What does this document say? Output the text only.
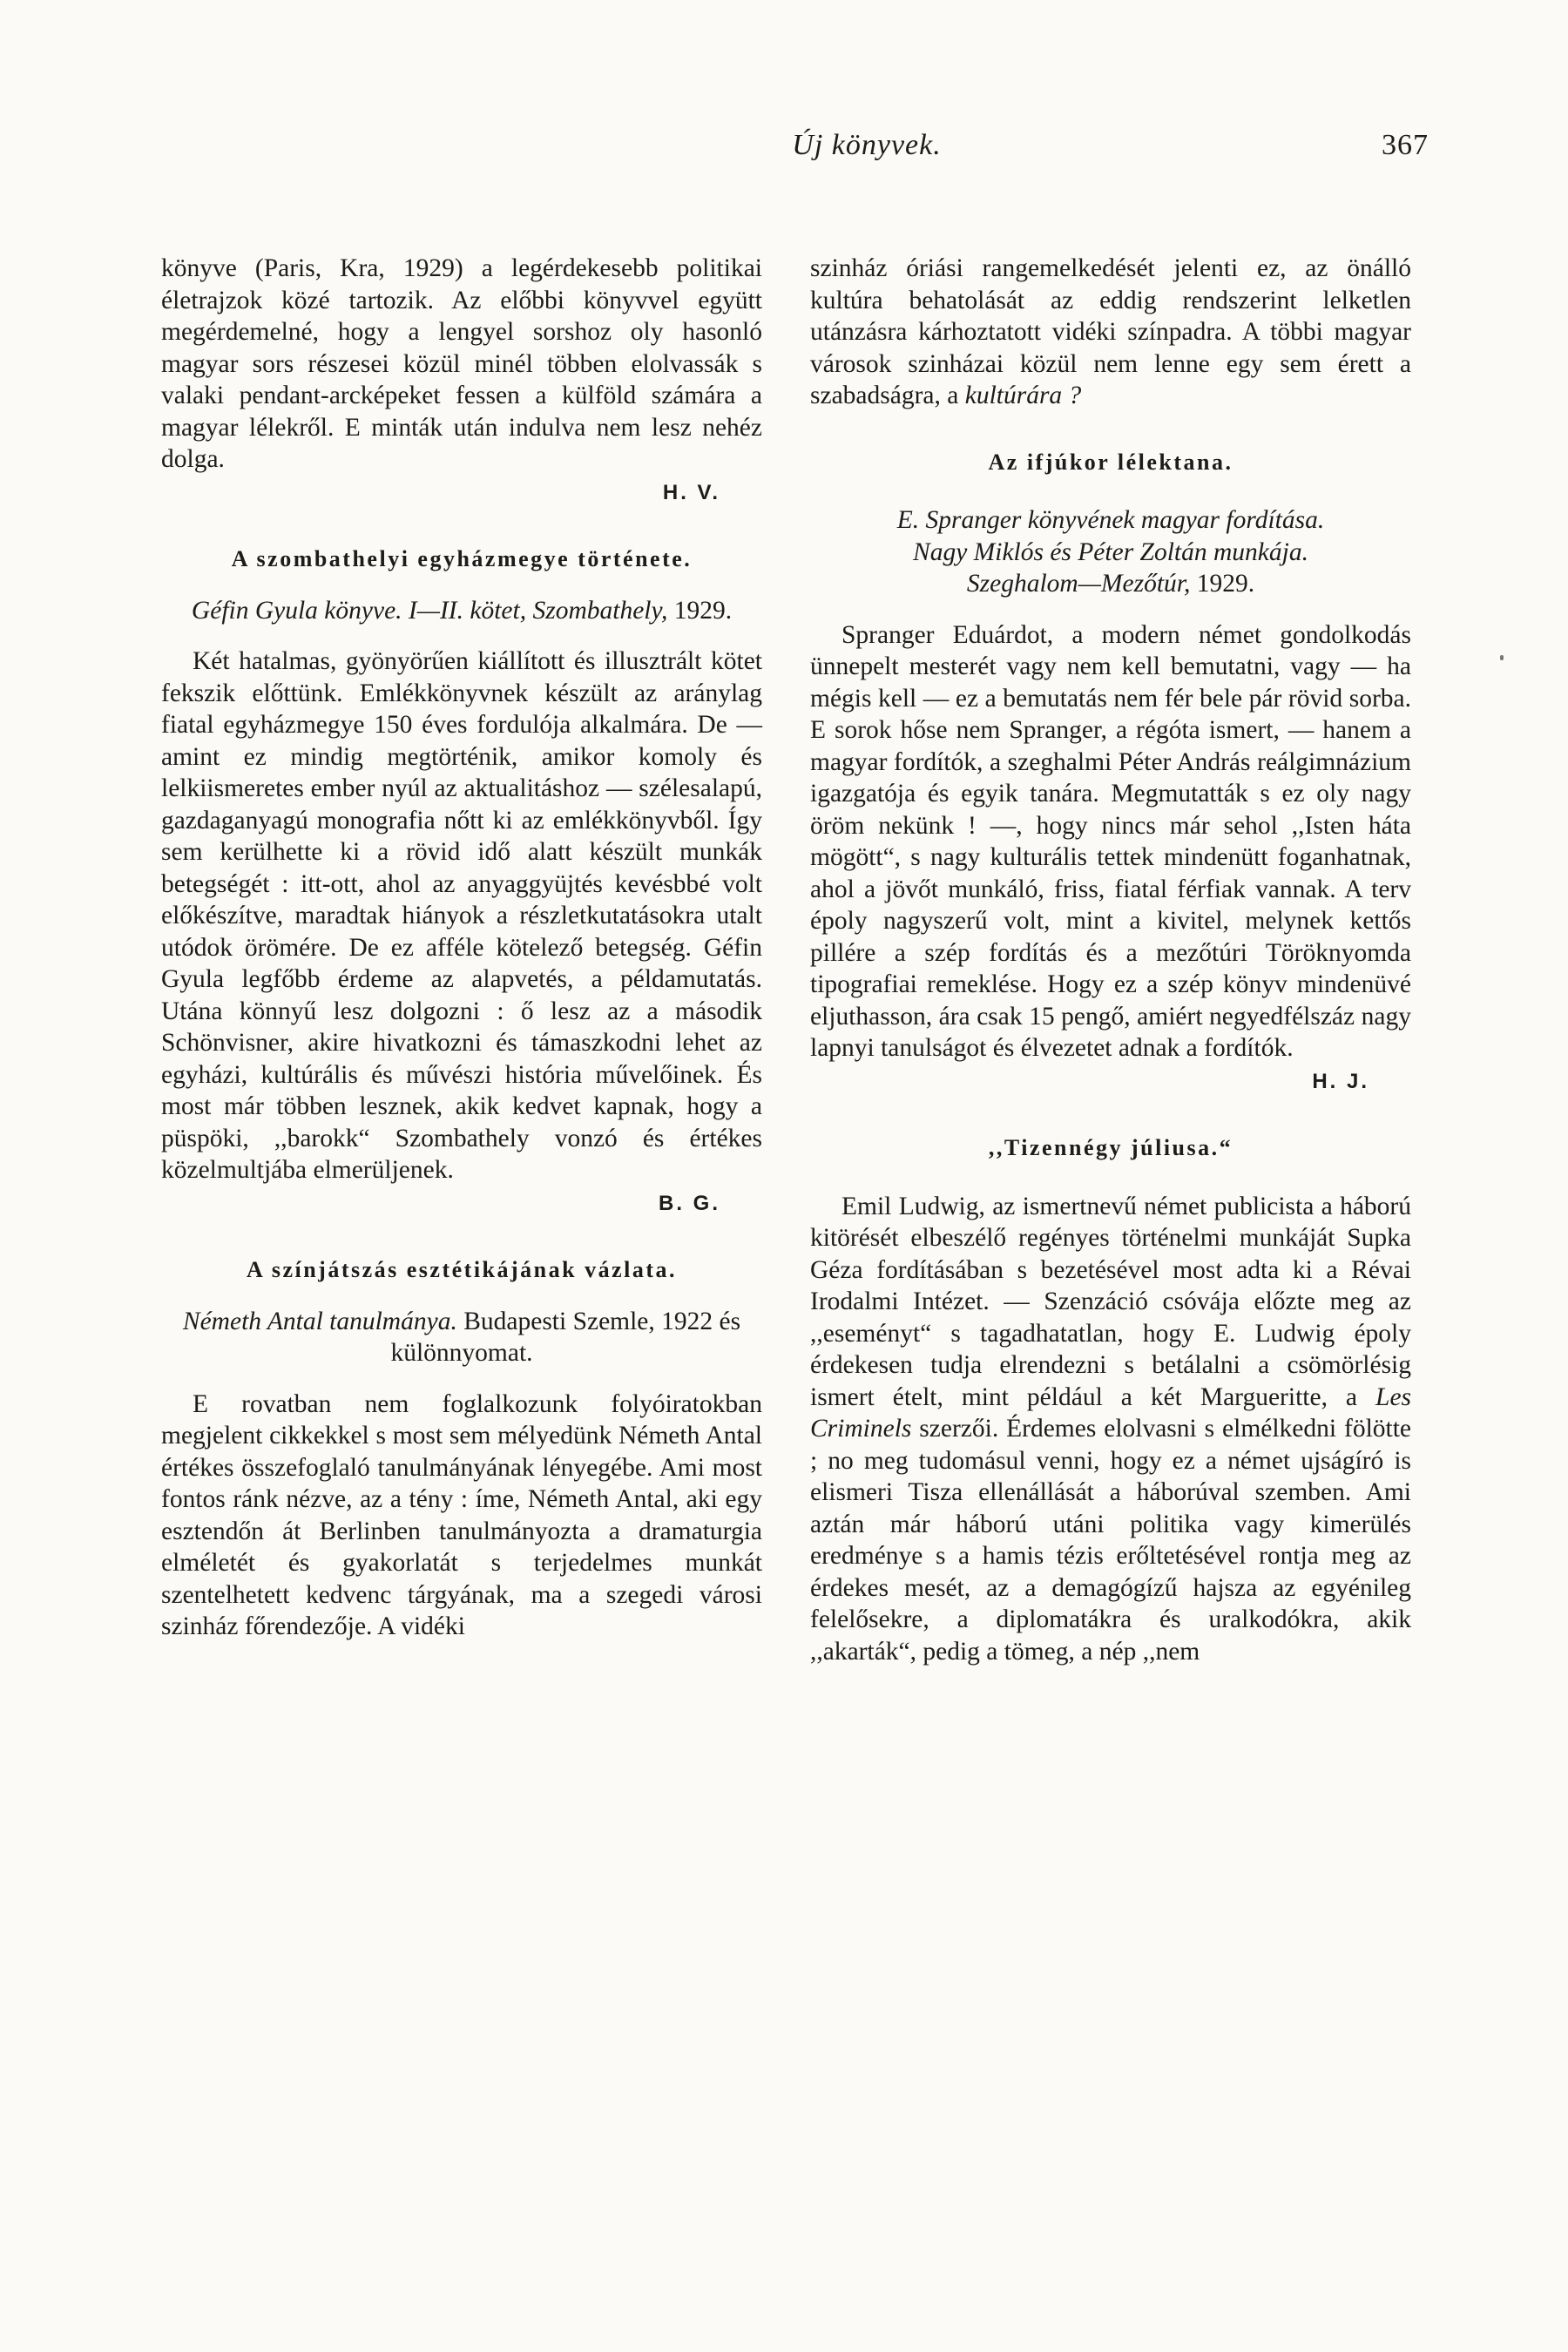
Új könyvek.	367

könyve (Paris, Kra, 1929) a legérdekesebb politikai életrajzok közé tartozik. Az előbbi könyvvel együtt megérdemelné, hogy a lengyel sorshoz oly hasonló magyar sors részesei közül minél többen elolvassák s valaki pendant-arcképeket fessen a külföld számára a magyar lélekről. E minták után indulva nem lesz nehéz dolga.

H. V.
A szombathelyi egyházmegye története.

Géfin Gyula könyve. I—II. kötet, Szombathely, 1929.

Két hatalmas, gyönyörűen kiállított és illusztrált kötet fekszik előttünk. Emlékkönyvnek készült az aránylag fiatal egyházmegye 150 éves fordulója alkalmára. De — amint ez mindig megtörténik, amikor komoly és lelkiismeretes ember nyúl az aktualitáshoz — szélesalapú, gazdaganyagú monografia nőtt ki az emlékkönyvből. Így sem kerülhette ki a rövid idő alatt készült munkák betegségét : itt-ott, ahol az anyaggyüjtés kevésbbé volt előkészítve, maradtak hiányok a részletkutatásokra utalt utódok örömére. De ez afféle kötelező betegség. Géfin Gyula legfőbb érdeme az alapvetés, a példamutatás. Utána könnyű lesz dolgozni : ő lesz az a második Schönvisner, akire hivatkozni és támaszkodni lehet az egyházi, kultúrális és művészi história művelőinek. És most már többen lesznek, akik kedvet kapnak, hogy a püspöki, ,,barokk“ Szombathely vonzó és értékes közelmultjába elmerüljenek.

B. G.
A színjátszás esztétikájának vázlata.

Németh Antal tanulmánya. Budapesti Szemle, 1922 és különnyomat.

E rovatban nem foglalkozunk folyóiratokban megjelent cikkekkel s most sem mélyedünk Németh Antal értékes összefoglaló tanulmányának lényegébe. Ami most fontos ránk nézve, az a tény : íme, Németh Antal, aki egy esztendőn át Berlinben tanulmányozta a dramaturgia elméletét és gyakorlatát s terjedelmes munkát szentelhetett kedvenc tárgyának, ma a szegedi városi szinház főrendezője. A vidéki

szinház óriási rangemelkedését jelenti ez, az önálló kultúra behatolását az eddig rendszerint lelketlen utánzásra kárhoztatott vidéki színpadra. A többi magyar városok szinházai közül nem lenne egy sem érett a szabadságra, a kultúrára ?

Az ifjúkor lélektana.

E. Spranger könyvének magyar fordítása.

Nagy Miklós és Péter Zoltán munkája.

Szeghalom—Mezőtúr, 1929.

Spranger Eduárdot, a modern német gondolkodás ünnepelt mesterét vagy nem kell bemutatni, vagy — ha mégis kell — ez a bemutatás nem fér bele pár rövid sorba. E sorok hőse nem Spranger, a régóta ismert, — hanem a magyar fordítók, a szeghalmi Péter András reálgimnázium igazgatója és egyik tanára. Megmutatták s ez oly nagy öröm nekünk ! —, hogy nincs már sehol ,,Isten háta mögött“, s nagy kulturális tettek mindenütt foganhatnak, ahol a jövőt munkáló, friss, fiatal férfiak vannak. A terv époly nagyszerű volt, mint a kivitel, melynek kettős pillére a szép fordítás és a mezőtúri Töröknyomda tipografiai remeklése. Hogy ez a szép könyv mindenüvé eljuthasson, ára csak 15 pengő, amiért negyedfélszáz nagy lapnyi tanulságot és élvezetet adnak a fordítók.

H. J.
,,Tizennégy júliusa.“

Emil Ludwig, az ismertnevű német publicista a háború kitörését elbeszélő regényes történelmi munkáját Supka Géza fordításában s bezetésével most adta ki a Révai Irodalmi Intézet. — Szenzáció csóvája előzte meg az ,,eseményt“ s tagadhatatlan, hogy E. Ludwig époly érdekesen tudja elrendezni s betálalni a csömörlésig ismert ételt, mint például a két Margueritte, a Les Criminels szerzői. Érdemes elolvasni s elmélkedni fölötte ; no meg tudomásul venni, hogy ez a német ujságíró is elismeri Tisza ellenállását a háborúval szemben. Ami aztán már háború utáni politika vagy kimerülés eredménye s a hamis tézis erőltetésével rontja meg az érdekes mesét, az a demagógízű hajsza az egyénileg felelősekre, a diplomatákra és uralkodókra, akik ,,akarták“, pedig a tömeg, a nép ,,nem
